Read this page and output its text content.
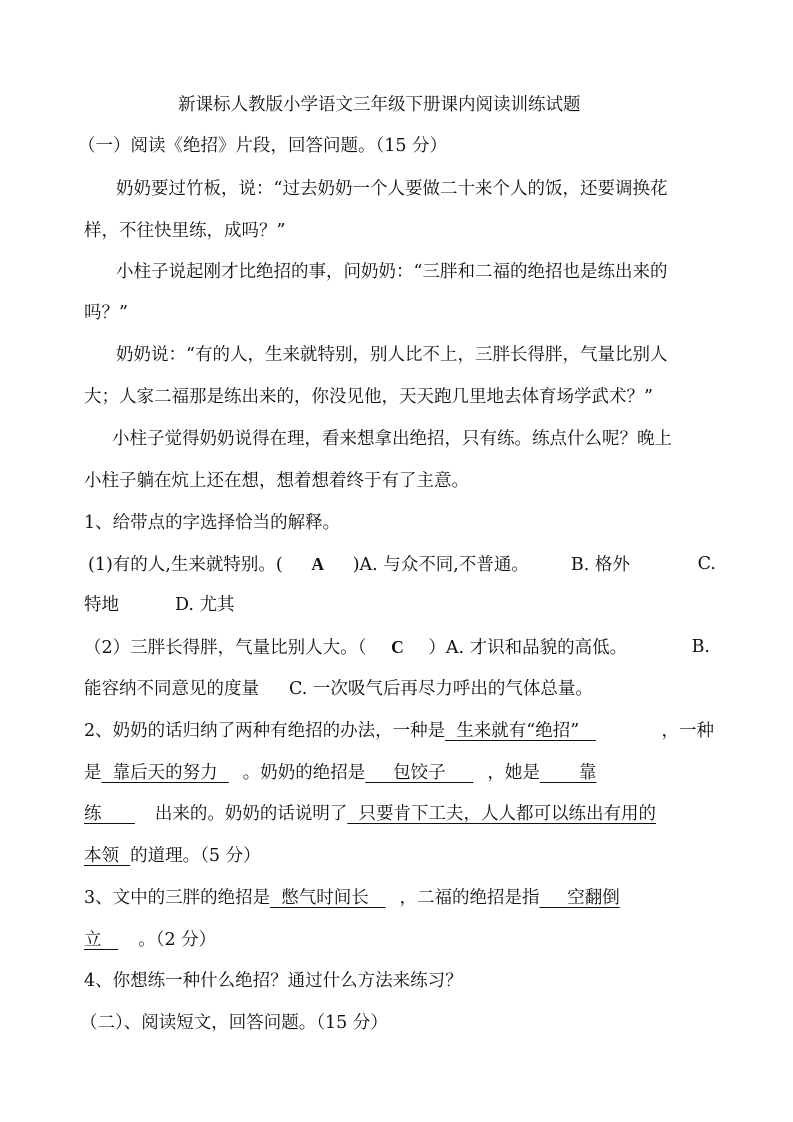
新课标人教版小学语文三年级下册课内阅读训练试题
（一）阅读《绝招》片段，回答问题。（15 分）
奶奶要过竹板，说：“过去奶奶一个人要做二十来个人的饭，还要调换花
样，不往快里练，成吗？”
小柱子说起刚才比绝招的事，问奶奶：“三胖和二福的绝招也是练出来的
吗？”
奶奶说：“有的人，生来就特别，别人比不上，三胖长得胖，气量比别人
大；人家二福那是练出来的，你没见他，天天跑几里地去体育场学武术？”
小柱子觉得奶奶说得在理，看来想拿出绝招，只有练。练点什么呢？晚上
小柱子躺在炕上还在想，想着想着终于有了主意。
1、给带点的字选择恰当的解释。
(1)有的人,生来就特别。( A )A. 与众不同,不普通。 B. 格外	C.
特地	D. 尤其
（2）三胖长得胖，气量比别人大。（ C ）A. 才识和品貌的高低。	B.
能容纳不同意见的度量 C. 一次吸气后再尽力呼出的气体总量。
2、奶奶的话归纳了两种有绝招的办法，一种是  生来就有“绝招”	，一种
是  靠后天的努力  。奶奶的绝招是     包饺子     ，她是       靠
练      出来的。奶奶的话说明了  只要肯下工夫，人人都可以练出有用的
本领  的道理。（5 分）
3、文中的三胖的绝招是  憋气时间长   ，二福的绝招是指     空翻倒
立   。（2 分）
4、你想练一种什么绝招？通过什么方法来练习？
（二）、阅读短文，回答问题。（15 分）
